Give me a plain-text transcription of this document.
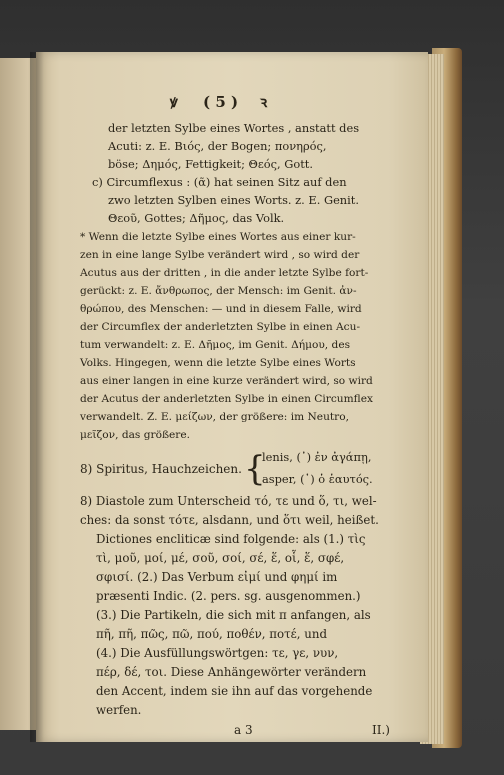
ꝟ ( 5 ) ꝛ
der letzten Sylbe eines Wortes , anstatt des
Acuti: z. E. Βιός, der Bogen; πονηρός,
böse; Δημός, Fettigkeit; Θεός, Gott.
c) Circumflexus : (ᾶ) hat seinen Sitz auf den
zwo letzten Sylben eines Worts. z. E. Genit.
Θεοῦ, Gottes; Δῆμος, das Volk.
* Wenn die letzte Sylbe eines Wortes aus einer kur-
zen in eine lange Sylbe verändert wird , so wird der
Acutus aus der dritten , in die ander letzte Sylbe fort-
gerückt: z. E. ἄνθρωπος, der Mensch: im Genit. ἀν-
θρώπου, des Menschen: — und in diesem Falle, wird
der Circumflex der anderletzten Sylbe in einen Acu-
tum verwandelt: z. E. Δῆμος, im Genit. Δήμου, des
Volks. Hingegen, wenn die letzte Sylbe eines Worts
aus einer langen in eine kurze verändert wird, so wird
der Acutus der anderletzten Sylbe in einen Circumflex
verwandelt. Z. E. μείζων, der größere: im Neutro,
μεῖζον, das größere.
8) Spiritus, Hauchzeichen. {
lenis, (᾿) ἐν ἀγάπῃ,
asper, (῾) ὁ ἑαυτός.
8) Diastole zum Unterscheid τό, τε und ὅ, τι, wel-
ches: da sonst τότε, alsdann, und ὅτι weil, heißet.
Dictiones encliticæ sind folgende: als (1.) τὶς
τὶ, μοῦ, μοί, μέ, σοῦ, σοί, σέ, ἕ, οἷ, ἕ, σφέ,
σφισί. (2.) Das Verbum εἰμί und φημί im
præsenti Indic. (2. pers. sg. ausgenommen.)
(3.) Die Partikeln, die sich mit π anfangen, als
πῆ, πῆ, πῶς, πῶ, πού, ποθέν, ποτέ, und
(4.) Die Ausfüllungswörtgen: τε, γε, νυν,
πέρ, δέ, τοι. Diese Anhängewörter verändern
den Accent, indem sie ihn auf das vorgehende
werfen.
a 3	II.)
